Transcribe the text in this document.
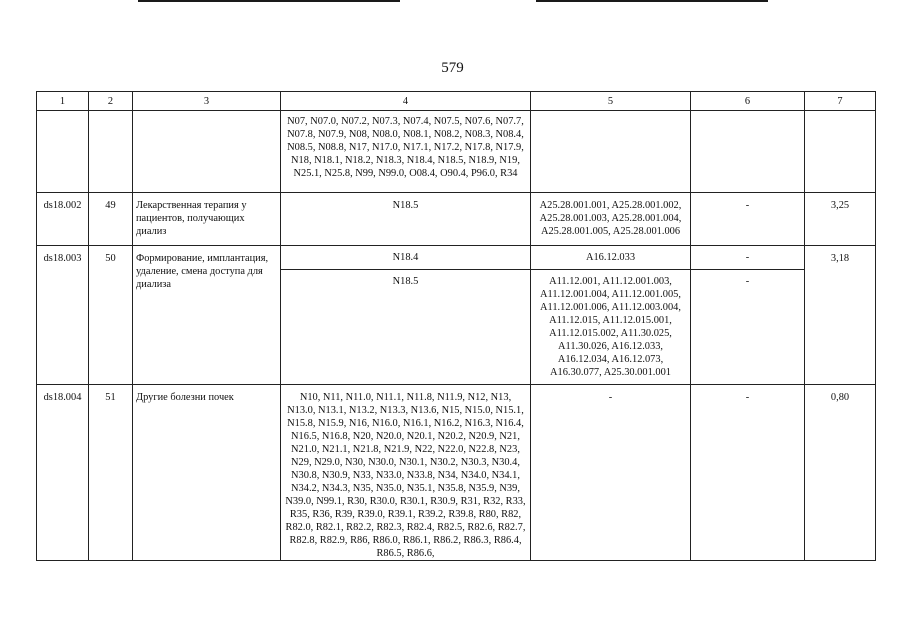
579
1	2	3	4	5	6	7
			N07, N07.0, N07.2, N07.3, N07.4, N07.5, N07.6, N07.7, N07.8, N07.9, N08, N08.0, N08.1, N08.2, N08.3, N08.4, N08.5, N08.8, N17, N17.0, N17.1, N17.2, N17.8, N17.9, N18, N18.1, N18.2, N18.3, N18.4, N18.5, N18.9, N19, N25.1, N25.8, N99, N99.0, O08.4, O90.4, P96.0, R34			
ds18.002	49	Лекарственная терапия у пациентов, получающих диализ	N18.5	A25.28.001.001, A25.28.001.002, A25.28.001.003, A25.28.001.004, A25.28.001.005, A25.28.001.006	-	3,25
ds18.003	50	Формирование, имплантация, удаление, смена доступа для диализа	N18.4	A16.12.033	-	3,18
			N18.5	A11.12.001, A11.12.001.003, A11.12.001.004, A11.12.001.005, A11.12.001.006, A11.12.003.004, A11.12.015, A11.12.015.001, A11.12.015.002, A11.30.025, A11.30.026, A16.12.033, A16.12.034, A16.12.073, A16.30.077, A25.30.001.001	-	
ds18.004	51	Другие болезни почек	N10, N11, N11.0, N11.1, N11.8, N11.9, N12, N13, N13.0, N13.1, N13.2, N13.3, N13.6, N15, N15.0, N15.1, N15.8, N15.9, N16, N16.0, N16.1, N16.2, N16.3, N16.4, N16.5, N16.8, N20, N20.0, N20.1, N20.2, N20.9, N21, N21.0, N21.1, N21.8, N21.9, N22, N22.0, N22.8, N23, N29, N29.0, N30, N30.0, N30.1, N30.2, N30.3, N30.4, N30.8, N30.9, N33, N33.0, N33.8, N34, N34.0, N34.1, N34.2, N34.3, N35, N35.0, N35.1, N35.8, N35.9, N39, N39.0, N99.1, R30, R30.0, R30.1, R30.9, R31, R32, R33, R35, R36, R39, R39.0, R39.1, R39.2, R39.8, R80, R82, R82.0, R82.1, R82.2, R82.3, R82.4, R82.5, R82.6, R82.7, R82.8, R82.9, R86, R86.0, R86.1, R86.2, R86.3, R86.4, R86.5, R86.6,	-	-	0,80
